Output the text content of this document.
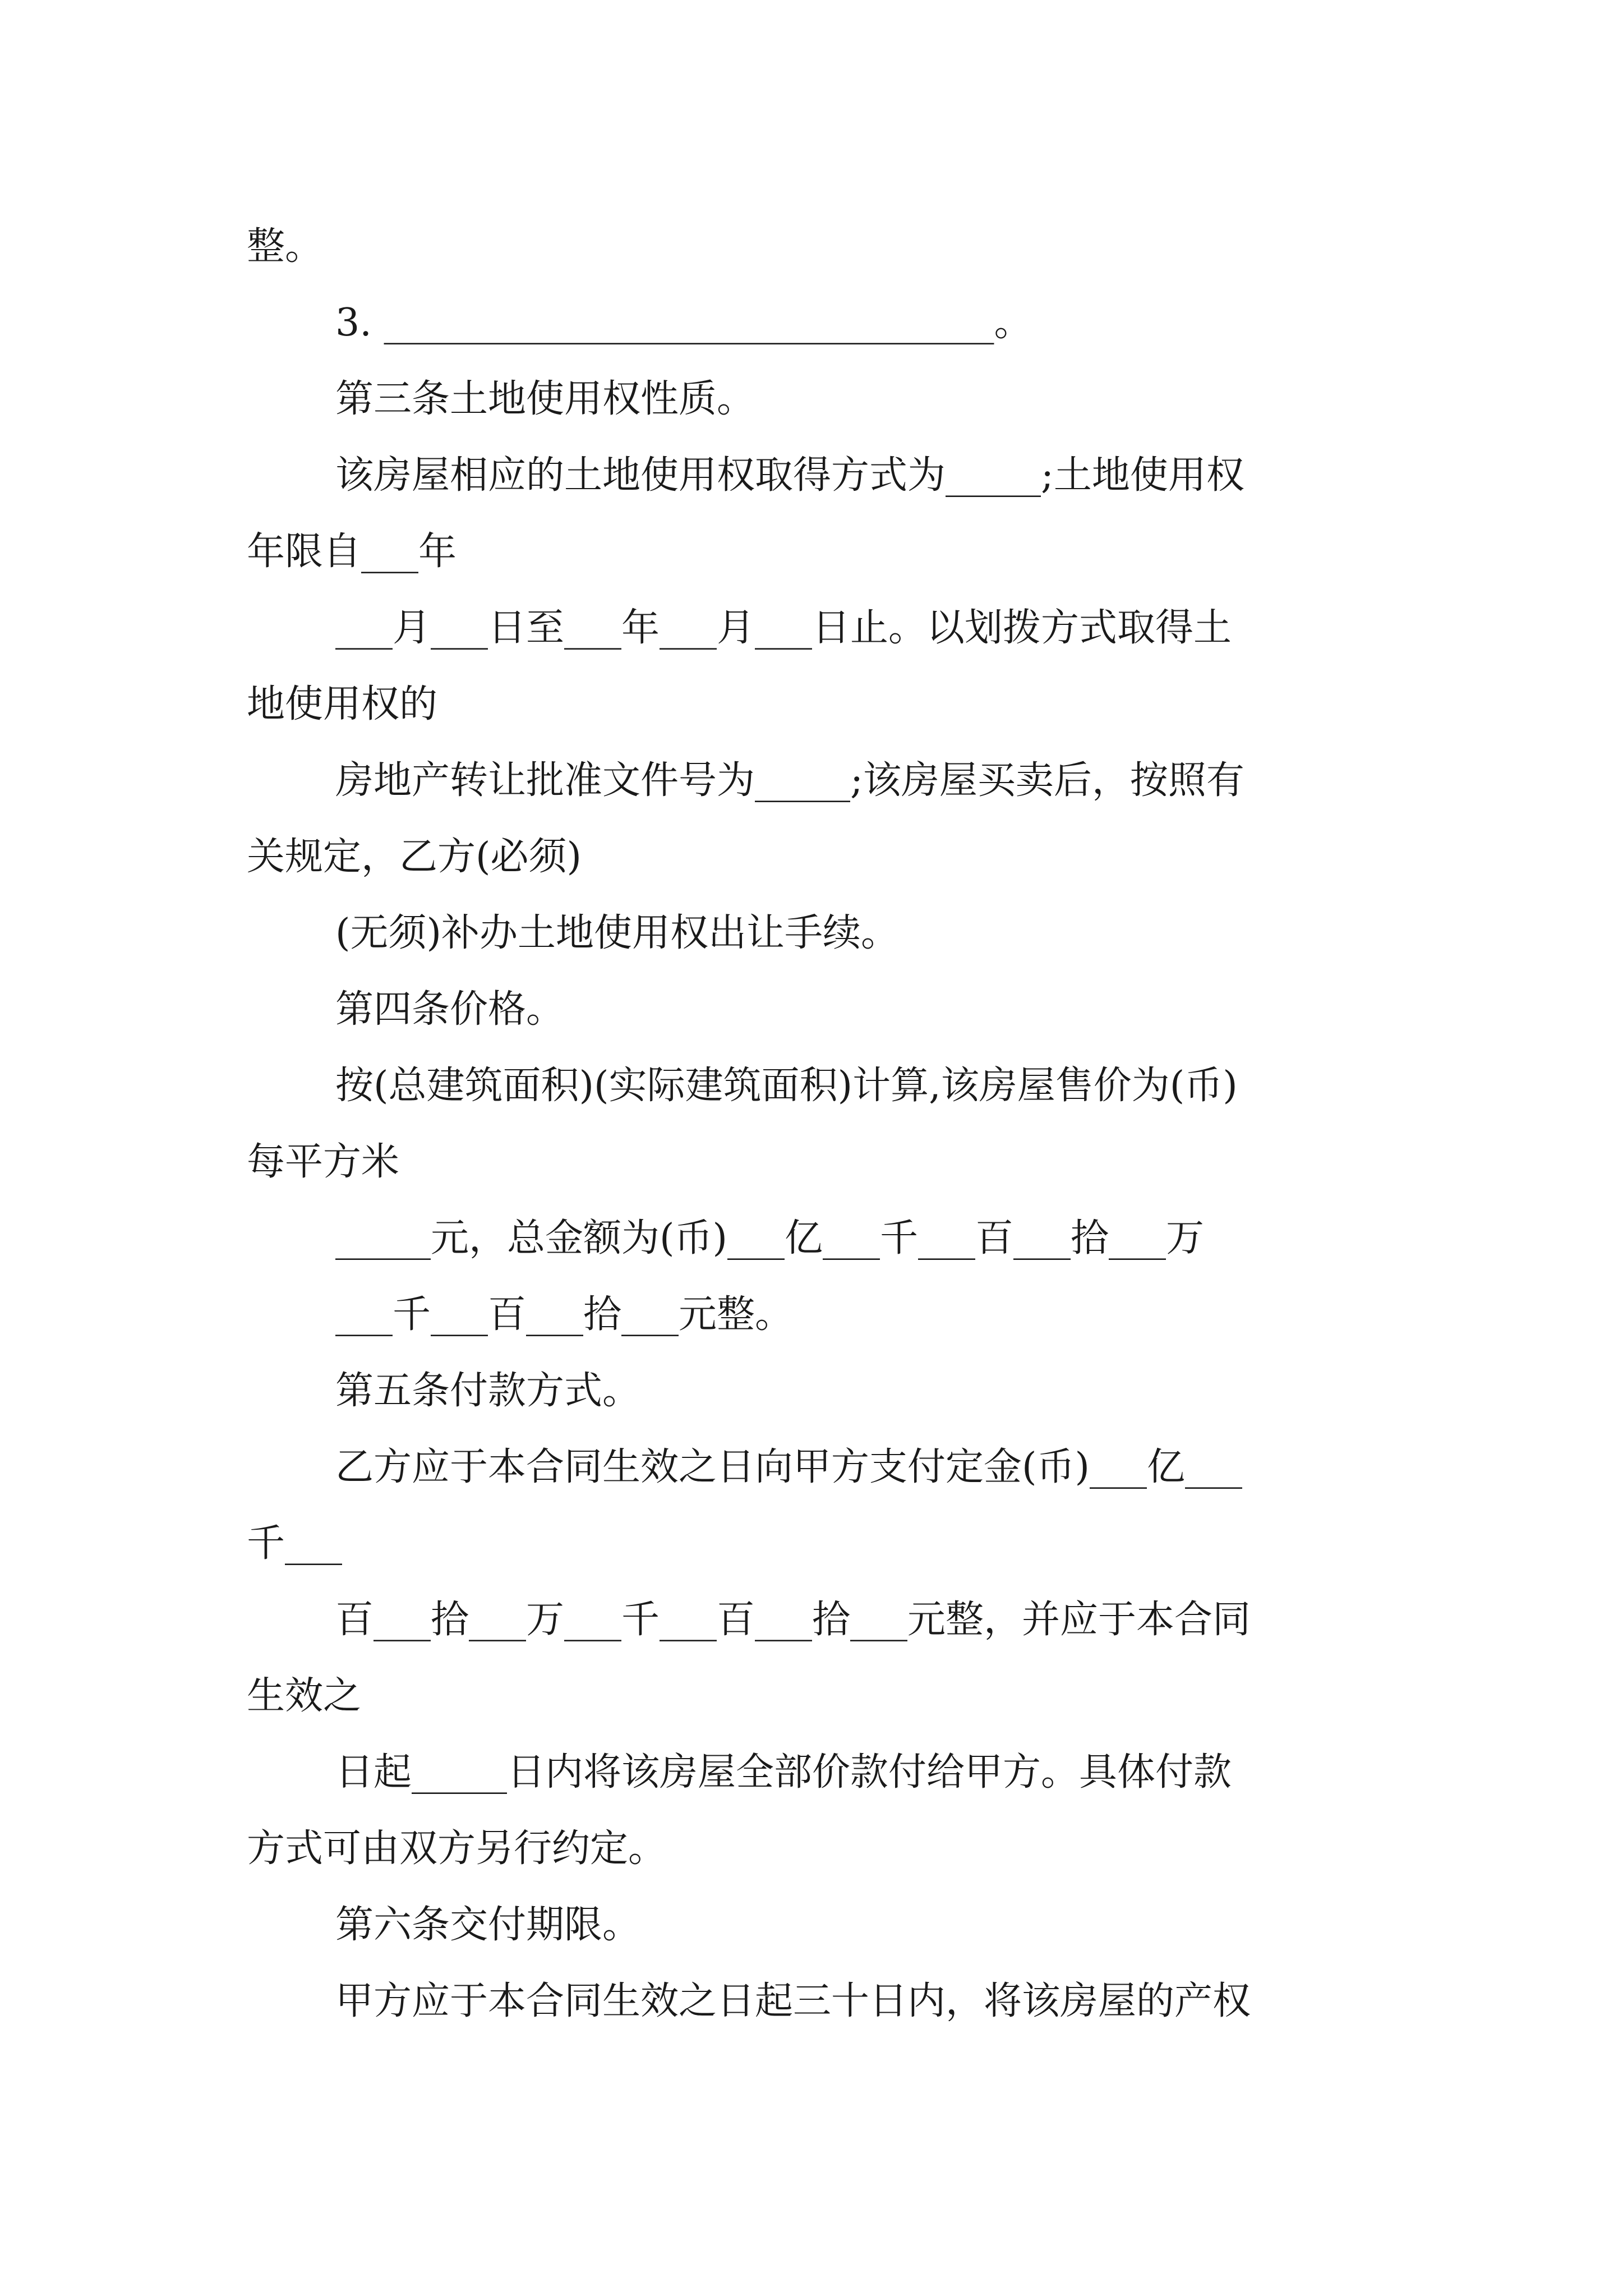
整。
3. ________________________________。
第三条土地使用权性质。
该房屋相应的土地使用权取得方式为_____;土地使用权
年限自___年
___月___日至___年___月___日止。以划拨方式取得土
地使用权的
房地产转让批准文件号为_____;该房屋买卖后，按照有
关规定，乙方(必须)
(无须)补办土地使用权出让手续。
第四条价格。
按(总建筑面积)(实际建筑面积)计算,该房屋售价为(币)
每平方米
_____元，总金额为(币)___亿___千___百___拾___万
___千___百___拾___元整。
第五条付款方式。
乙方应于本合同生效之日向甲方支付定金(币)___亿___
千___
百___拾___万___千___百___拾___元整，并应于本合同
生效之
日起_____日内将该房屋全部价款付给甲方。具体付款
方式可由双方另行约定。
第六条交付期限。
甲方应于本合同生效之日起三十日内，将该房屋的产权
